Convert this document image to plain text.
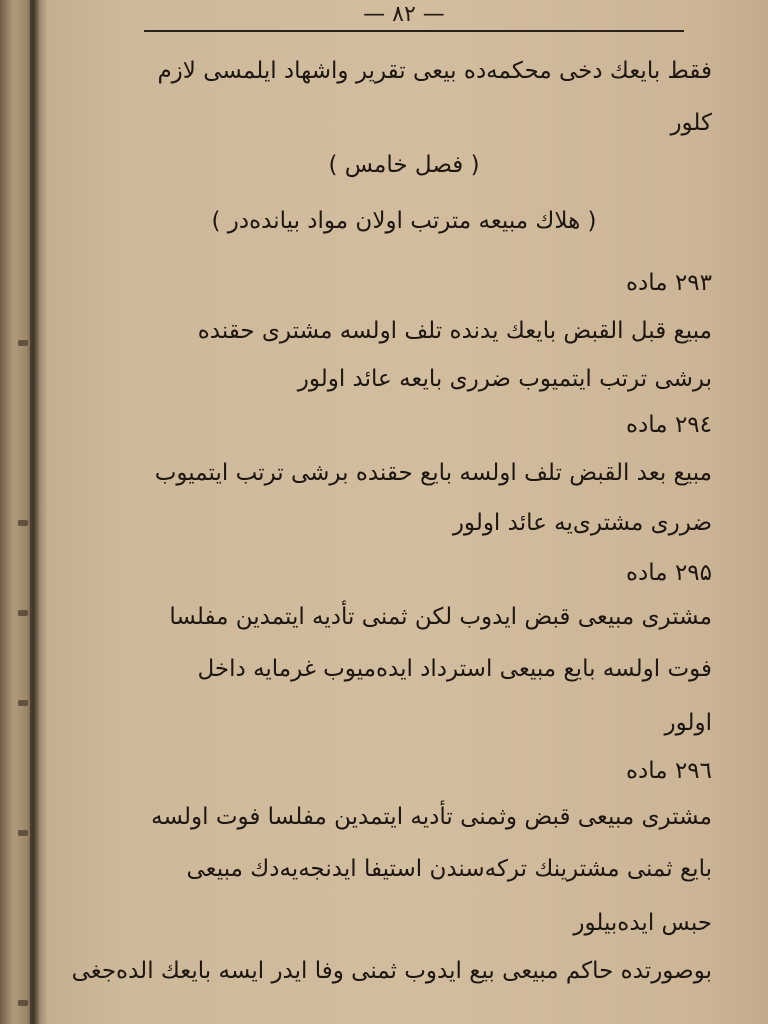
— ۸۲ —
فقط بايعك دخى محكمه‌ده بيعى تقرير واشهاد ايلمسى لازم
كلور
( فصل خامس )
( هلاك مبيعه مترتب اولان مواد بيانده‌در )
۲۹۳ ماده
مبيع قبل القبض بايعك يدنده تلف اولسه مشترى حقنده
برشى ترتب ايتميوب ضررى بايعه عائد اولور
۲۹٤ ماده
مبيع بعد القبض تلف اولسه بايع حقنده برشى ترتب ايتميوب
ضررى مشترى‌يه عائد اولور
۲۹۵ ماده
مشترى مبيعى قبض ايدوب لكن ثمنى تأديه ايتمدين مفلسا
فوت اولسه بايع مبيعى استرداد ايده‌ميوب غرمايه داخل
اولور
۲۹٦ ماده
مشترى مبيعى قبض وثمنى تأديه ايتمدين مفلسا فوت اولسه
بايع ثمنى مشترينك تركه‌سندن استيفا ايدنجه‌يه‌دك مبيعى
حبس ايده‌بيلور
بوصورتده حاكم مبيعى بيع ايدوب ثمنى وفا ايدر ايسه بايعك الده‌جغى
